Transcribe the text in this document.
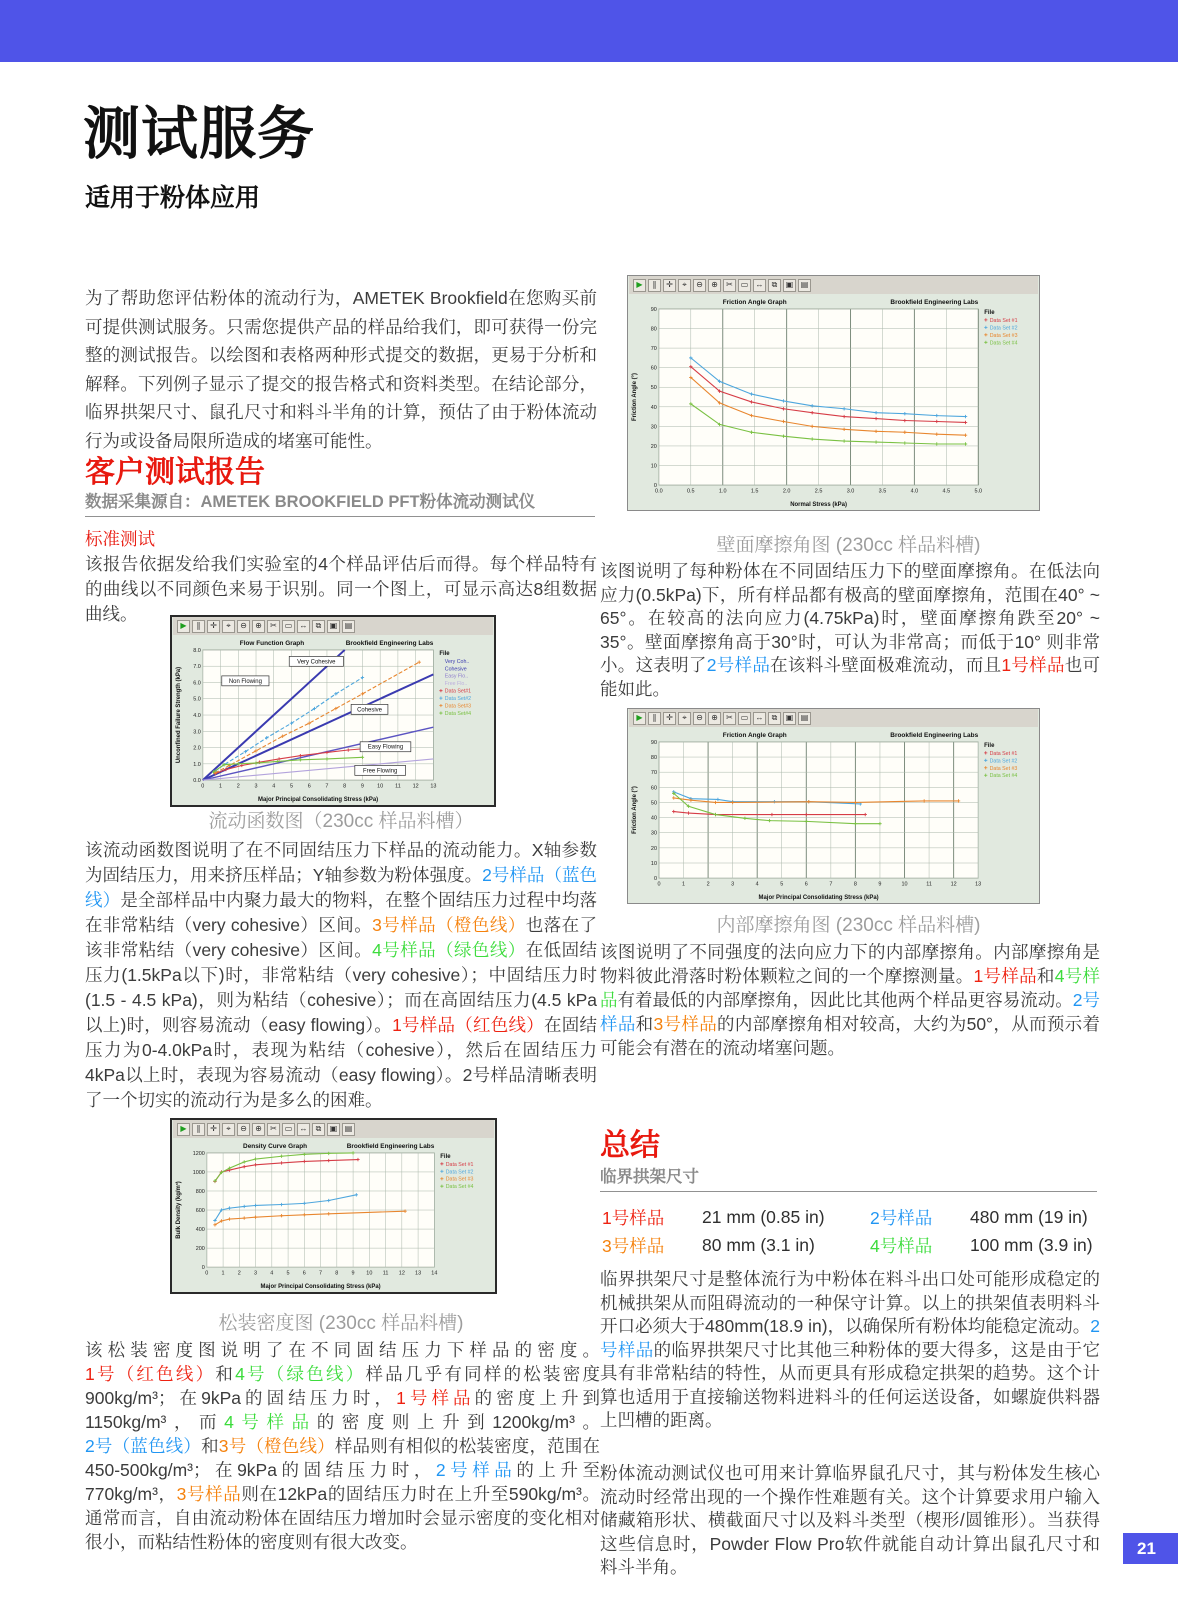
测试服务
适用于粉体应用
为了帮助您评估粉体的流动行为，AMETEK Brookfield在您购买前可提供测试服务。只需您提供产品的样品给我们，即可获得一份完整的测试报告。以绘图和表格两种形式提交的数据，更易于分析和解释。下列例子显示了提交的报告格式和资料类型。在结论部分，临界拱架尺寸、鼠孔尺寸和料斗半角的计算，预估了由于粉体流动行为或设备局限所造成的堵塞可能性。
客户测试报告
数据采集源自：AMETEK BROOKFIELD PFT粉体流动测试仪
标准测试
该报告依据发给我们实验室的4个样品评估后而得。每个样品特有的曲线以不同颜色来易于识别。同一个图上，可显示高达8组数据曲线。
▶	∥	✛	⌖	⊖	⊕	✂ ▭ ↔	⧉	▣ ▤
Flow Function Graph	Brookfield Engineering Labs
0	1	2	3	4	5	6	7	8	9 10 11 12 13
0.0
1.0
2.0
3.0
4.0
5.0
6.0
7.0
8.0
Major Principal Consolidating Stress (kPa)
Unconfined Failure Strength (kPa)	Non Flowing
Very Cohesive
Cohesive
Easy Flowing
Free Flowing
File
Very Coh..
Cohesive
Easy Flo..
Free Flo..
Data Set#1
Data Set#2
Data Set#3
Data Set#4
流动函数图（230cc 样品料槽）
该流动函数图说明了在不同固结压力下样品的流动能力。X轴参数为固结压力，用来挤压样品；Y轴参数为粉体强度。2号样品（蓝色线）是全部样品中内聚力最大的物料，在整个固结压力过程中均落在非常粘结（very cohesive）区间。3号样品（橙色线）也落在了该非常粘结（very cohesive）区间。4号样品（绿色线）在低固结压力(1.5kPa以下)时，非常粘结（very cohesive）；中固结压力时(1.5 - 4.5 kPa)，则为粘结（cohesive）；而在高固结压力(4.5 kPa以上)时，则容易流动（easy flowing）。1号样品（红色线）在固结压力为0-4.0kPa时，表现为粘结（cohesive），然后在固结压力4kPa以上时，表现为容易流动（easy flowing）。2号样品清晰表明了一个切实的流动行为是多么的困难。
▶	∥	✛	⌖	⊖	⊕	✂ ▭ ↔	⧉	▣ ▤
Density Curve Graph	Brookfield Engineering Labs
0 1 2 3 4 5 6 7 8 9 10 11 12 13 14
0
200
400
600
800
1000
1200
Major Principal Consolidating Stress (kPa)
Bulk Density (kg/m³)
File
Data Set #1
Data Set #2
Data Set #3
Data Set #4
松装密度图 (230cc 样品料槽)
该松装密度图说明了在不同固结压力下样品的密度。1号（红色线）和4号（绿色线）样品几乎有同样的松装密度900kg/m³；在9kPa的固结压力时，1号样品的密度上升到1150kg/m³，而4号样品的密度则上升到1200kg/m³。2号（蓝色线）和3号（橙色线）样品则有相似的松装密度，范围在450-500kg/m³；在9kPa的固结压力时，2号样品的上升至770kg/m³，3号样品则在12kPa的固结压力时在上升至590kg/m³。通常而言，自由流动粉体在固结压力增加时会显示密度的变化相对很小，而粘结性粉体的密度则有很大改变。
▶	∥	✛	⌖	⊖	⊕	✂ ▭ ↔	⧉	▣ ▤
Friction Angle Graph	Brookfield Engineering Labs
0.0	0.5	1.0	1.5	2.0	2.5	3.0	3.5	4.0	4.5	5.0
0
10
20
30
40
50
60
70
80
90
Normal Stress (kPa)
Friction Angle (°)
File
Data Set #1
Data Set #2
Data Set #3
Data Set #4
壁面摩擦角图 (230cc 样品料槽)
该图说明了每种粉体在不同固结压力下的壁面摩擦角。在低法向应力(0.5kPa)下，所有样品都有极高的壁面摩擦角，范围在40° ~ 65°。在较高的法向应力(4.75kPa)时，壁面摩擦角跌至20° ~ 35°。壁面摩擦角高于30°时，可认为非常高；而低于10° 则非常小。这表明了2号样品在该料斗壁面极难流动，而且1号样品也可能如此。
▶	∥	✛	⌖	⊖	⊕	✂ ▭ ↔	⧉	▣ ▤
Friction Angle Graph	Brookfield Engineering Labs
0	1	2	3	4	5	6	7	8	9	10	11	12	13
0
10
20
30
40
50
60
70
80
90
Major Principal Consolidating Stress (kPa)
Friction Angle (°)
File
Data Set #1
Data Set #2
Data Set #3
Data Set #4
内部摩擦角图 (230cc 样品料槽)
该图说明了不同强度的法向应力下的内部摩擦角。内部摩擦角是物料彼此滑落时粉体颗粒之间的一个摩擦测量。1号样品和4号样品有着最低的内部摩擦角，因此比其他两个样品更容易流动。2号样品和3号样品的内部摩擦角相对较高，大约为50°，从而预示着可能会有潜在的流动堵塞问题。
总结
临界拱架尺寸
1号样品	21 mm (0.85 in)	2号样品	480 mm (19 in)
3号样品	80 mm (3.1 in)	4号样品	100 mm (3.9 in)
临界拱架尺寸是整体流行为中粉体在料斗出口处可能形成稳定的机械拱架从而阻碍流动的一种保守计算。以上的拱架值表明料斗开口必须大于480mm(18.9 in)，以确保所有粉体均能稳定流动。2号样品的临界拱架尺寸比其他三种粉体的要大得多，这是由于它具有非常粘结的特性，从而更具有形成稳定拱架的趋势。这个计算也适用于直接输送物料进料斗的任何运送设备，如螺旋供料器上凹槽的距离。
粉体流动测试仪也可用来计算临界鼠孔尺寸，其与粉体发生核心流动时经常出现的一个操作性难题有关。这个计算要求用户输入储藏箱形状、横截面尺寸以及料斗类型（楔形/圆锥形）。当获得这些信息时，Powder Flow Pro软件就能自动计算出鼠孔尺寸和料斗半角。
21
